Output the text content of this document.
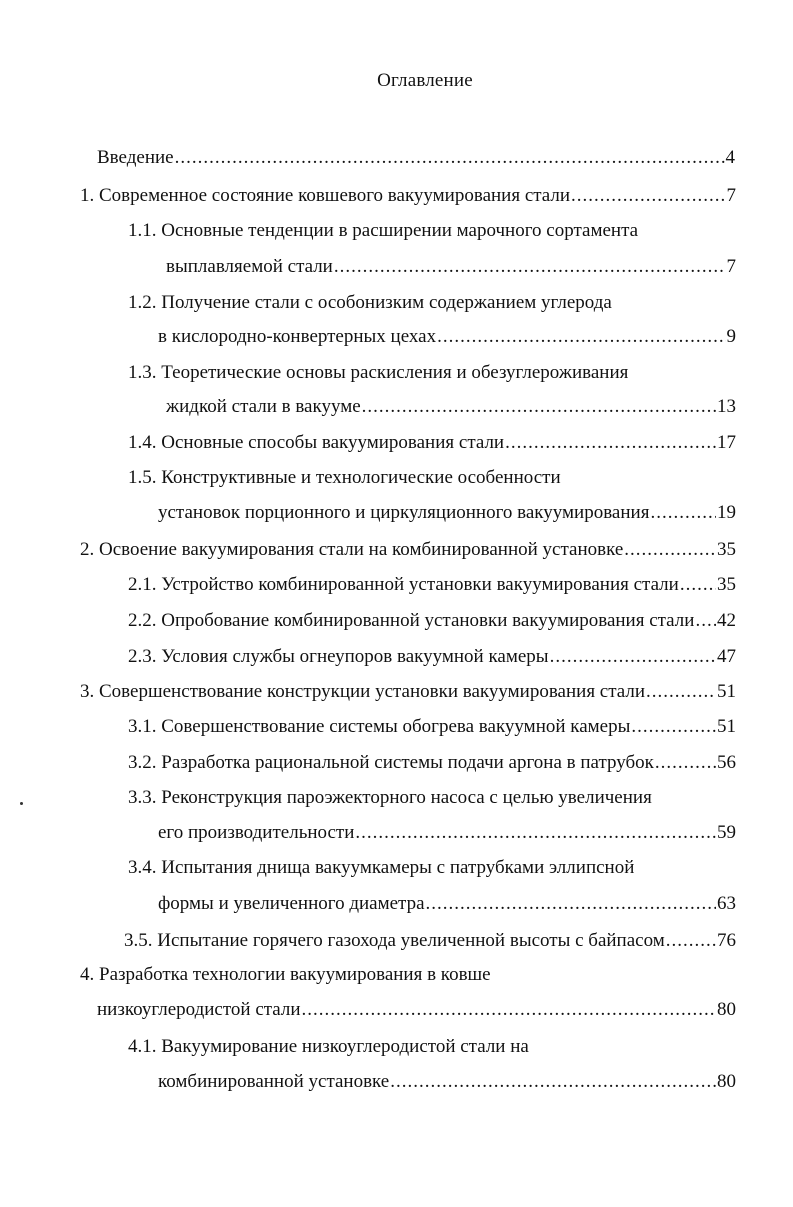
Оглавление
Введение .....	4
1. Современное состояние ковшевого вакуумирования стали .....	7
1.1. Основные тенденции в расширении марочного сортамента
выплавляемой стали .....	7
1.2. Получение стали с особонизким содержанием углерода
в кислородно-конвертерных цехах .....	9
1.3. Теоретические основы раскисления и обезуглероживания
жидкой стали в вакууме .....	13
1.4. Основные способы вакуумирования стали .....	17
1.5. Конструктивные и технологические особенности
установок порционного и циркуляционного вакуумирования .....	19
2. Освоение вакуумирования стали на комбинированной установке .....	35
2.1. Устройство комбинированной установки вакуумирования стали ..... 35
2.2. Опробование комбинированной установки вакуумирования стали ..... 42
2.3. Условия службы огнеупоров вакуумной камеры .....	47
3. Совершенствование конструкции установки вакуумирования стали .....	51
3.1. Совершенствование системы обогрева вакуумной камеры .....	51
3.2. Разработка рациональной системы подачи аргона в патрубок .....	56
3.3. Реконструкция пароэжекторного насоса с целью увеличения
его производительности .....	59
3.4. Испытания днища вакуумкамеры с патрубками эллипсной
формы и увеличенного диаметра .....	63
3.5. Испытание горячего газохода увеличенной высоты с байпасом .....	76
4. Разработка технологии вакуумирования в ковше
низкоуглеродистой стали .....	80
4.1. Вакуумирование низкоуглеродистой стали на
комбинированной установке .....	80
